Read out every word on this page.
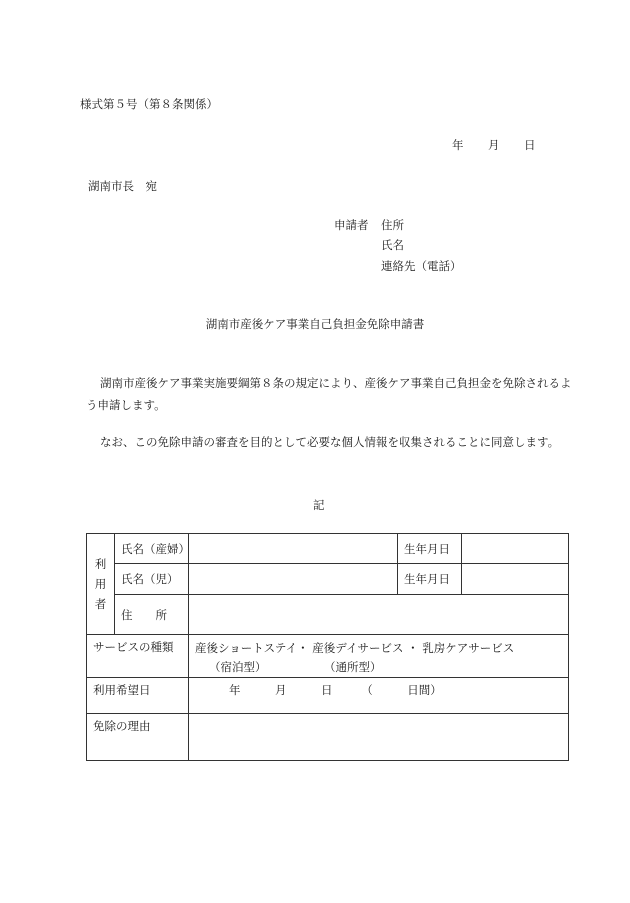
様式第５号（第８条関係）
年 月 日
湖南市長　宛
申請者 住所
氏名
連絡先（電話）
湖南市産後ケア事業自己負担金免除申請書
湖南市産後ケア事業実施要綱第８条の規定により、産後ケア事業自己負担金を免除されるよう申請します。
なお、この免除申請の審査を目的として必要な個人情報を収集されることに同意します。
記
利
用
者	氏名（産婦）		生年月日	
	氏名（児）		生年月日	
	住　　所			
サービスの種類		産後ショートステイ・ 産後デイサービス ・ 乳房ケアサービス
（宿泊型）　　　　　　（通所型）		

利用希望日		年　　　月　　　日　　　（　　　日間）		
免除の理由				
